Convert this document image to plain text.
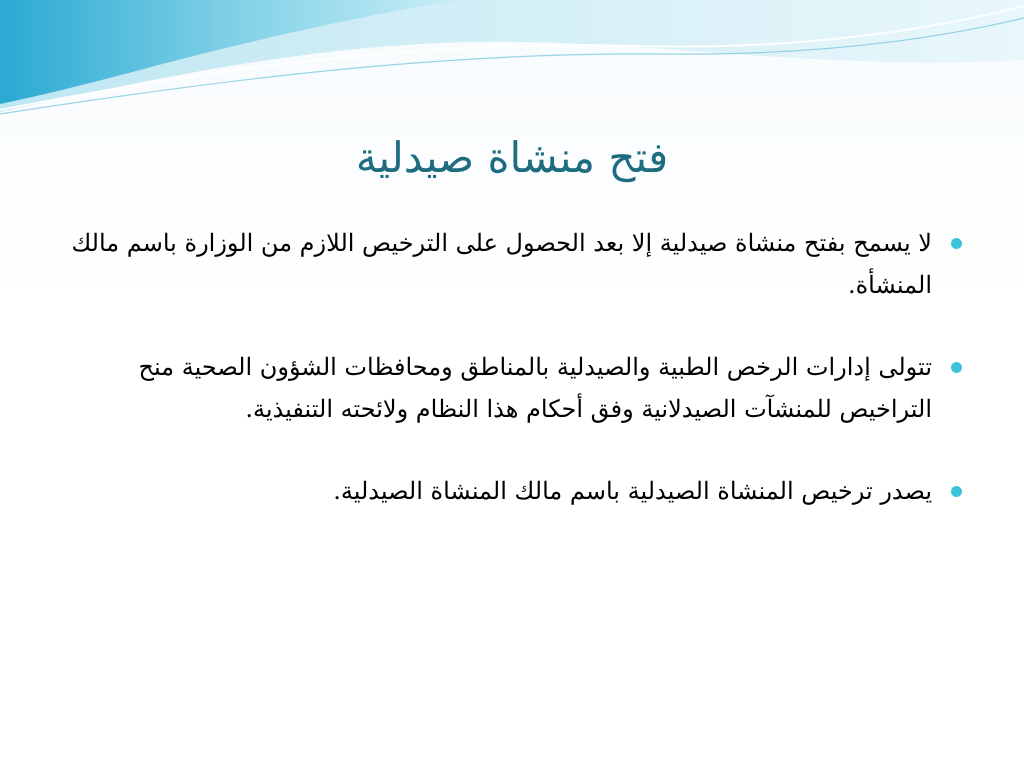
فتح منشاة صيدلية
لا يسمح بفتح منشاة صيدلية إلا بعد الحصول على الترخيص اللازم من الوزارة باسم مالك المنشأة.
تتولى إدارات الرخص الطبية والصيدلية بالمناطق ومحافظات الشؤون الصحية منح التراخيص للمنشآت الصيدلانية وفق أحكام هذا النظام ولائحته التنفيذية.
يصدر ترخيص المنشاة الصيدلية باسم مالك المنشاة الصيدلية.
